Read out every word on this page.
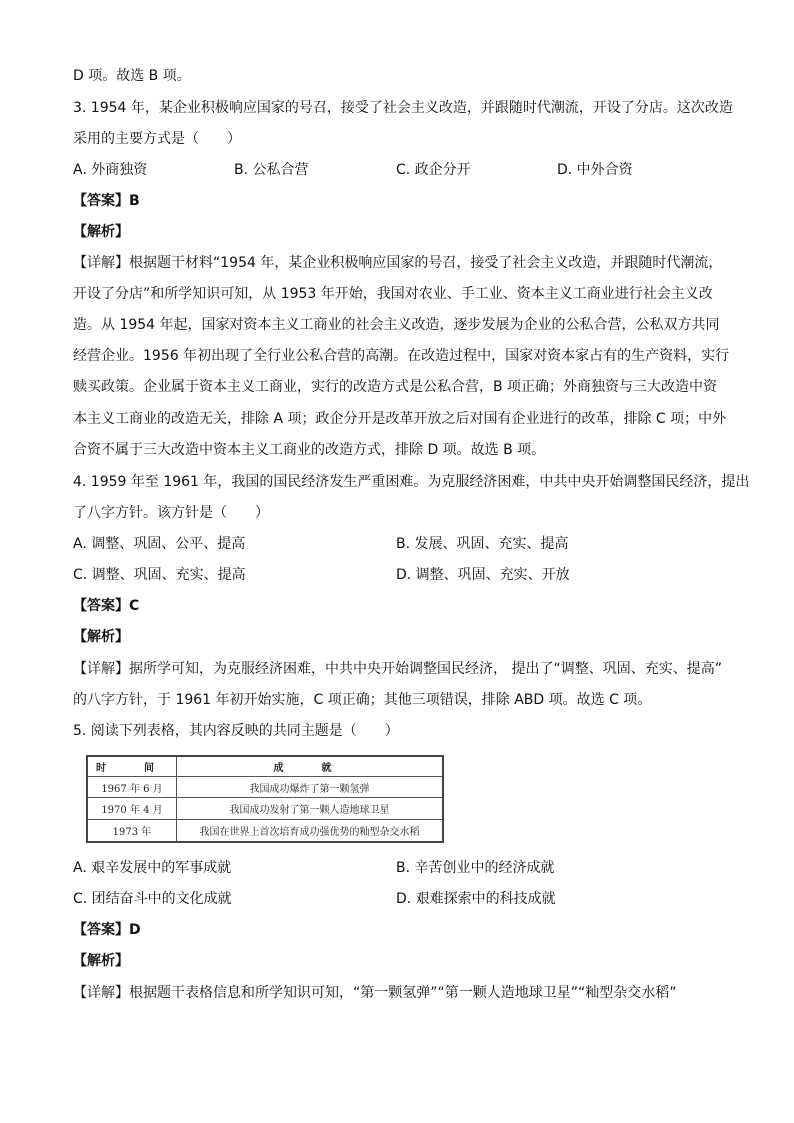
D 项。故选 B 项。
3. 1954 年，某企业积极响应国家的号召，接受了社会主义改造，并跟随时代潮流，开设了分店。这次改造
采用的主要方式是（　　）
A. 外商独资	B. 公私合营	C. 政企分开	D. 中外合资
【答案】B
【解析】
【详解】根据题干材料“1954 年，某企业积极响应国家的号召，接受了社会主义改造，并跟随时代潮流，
开设了分店”和所学知识可知，从 1953 年开始，我国对农业、手工业、资本主义工商业进行社会主义改
造。从 1954 年起，国家对资本主义工商业的社会主义改造，逐步发展为企业的公私合营，公私双方共同
经营企业。1956 年初出现了全行业公私合营的高潮。在改造过程中，国家对资本家占有的生产资料，实行
赎买政策。企业属于资本主义工商业，实行的改造方式是公私合营，B 项正确；外商独资与三大改造中资
本主义工商业的改造无关，排除 A 项；政企分开是改革开放之后对国有企业进行的改革，排除 C 项；中外
合资不属于三大改造中资本主义工商业的改造方式，排除 D 项。故选 B 项。
4. 1959 年至 1961 年，我国的国民经济发生严重困难。为克服经济困难，中共中央开始调整国民经济，提出
了八字方针。该方针是（　　）
A. 调整、巩固、公平、提高	B. 发展、巩固、充实、提高
C. 调整、巩固、充实、提高	D. 调整、巩固、充实、开放
【答案】C
【解析】
【详解】据所学可知，为克服经济困难，中共中央开始调整国民经济， 提出了“调整、巩固、充实、提高”
的八字方针，于 1961 年初开始实施，C 项正确；其他三项错误，排除 ABD 项。故选 C 项。
5. 阅读下列表格，其内容反映的共同主题是（　　）
时　间	成　就
1967 年 6 月	我国成功爆炸了第一颗氢弹
1970 年 4 月	我国成功发射了第一颗人造地球卫星
1973 年	我国在世界上首次培育成功强优势的籼型杂交水稻
A. 艰辛发展中的军事成就	B. 辛苦创业中的经济成就
C. 团结奋斗中的文化成就	D. 艰难探索中的科技成就
【答案】D
【解析】
【详解】根据题干表格信息和所学知识可知，“第一颗氢弹”“第一颗人造地球卫星”“籼型杂交水稻”
